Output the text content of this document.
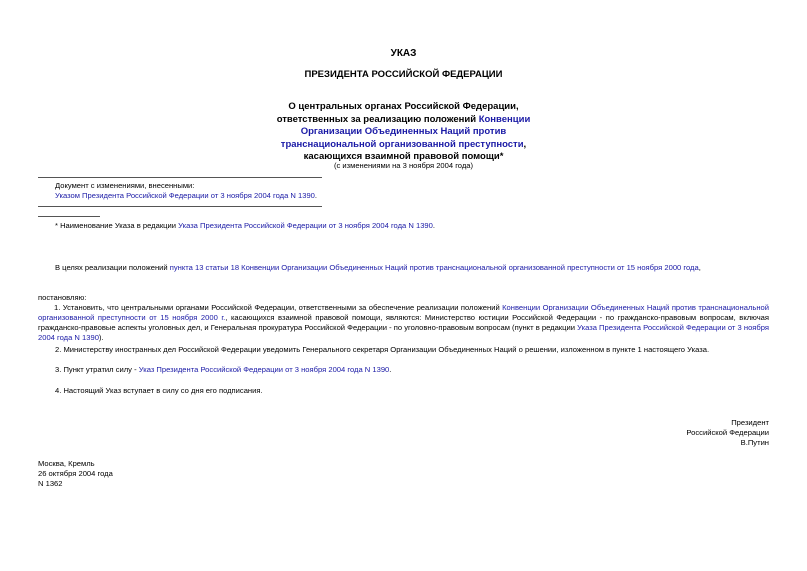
УКАЗ
ПРЕЗИДЕНТА РОССИЙСКОЙ ФЕДЕРАЦИИ
О центральных органах Российской Федерации,
ответственных за реализацию положений Конвенции
Организации Объединенных Наций против
транснациональной организованной преступности,
касающихся взаимной правовой помощи*
(с изменениями на 3 ноября 2004 года)
Документ с изменениями, внесенными:
Указом Президента Российской Федерации от 3 ноября 2004 года N 1390.
* Наименование Указа в редакции Указа Президента Российской Федерации от 3 ноября 2004 года N 1390.
В целях реализации положений пункта 13 статьи 18 Конвенции Организации Объединенных Наций против транснациональной организованной преступности от 15 ноября 2000 года,
постановляю:
1. Установить, что центральными органами Российской Федерации, ответственными за обеспечение реализации положений Конвенции Организации Объединенных Наций против транснациональной организованной преступности от 15 ноября 2000 г., касающихся взаимной правовой помощи, являются: Министерство юстиции Российской Федерации - по гражданско-правовым вопросам, включая гражданско-правовые аспекты уголовных дел, и Генеральная прокуратура Российской Федерации - по уголовно-правовым вопросам (пункт в редакции Указа Президента Российской Федерации от 3 ноября 2004 года N 1390).
2. Министерству иностранных дел Российской Федерации уведомить Генерального секретаря Организации Объединенных Наций о решении, изложенном в пункте 1 настоящего Указа.
3. Пункт утратил силу - Указ Президента Российской Федерации от 3 ноября 2004 года N 1390.
4. Настоящий Указ вступает в силу со дня его подписания.
Президент
Российской Федерации
В.Путин
Москва, Кремль
26 октября 2004 года
N 1362
